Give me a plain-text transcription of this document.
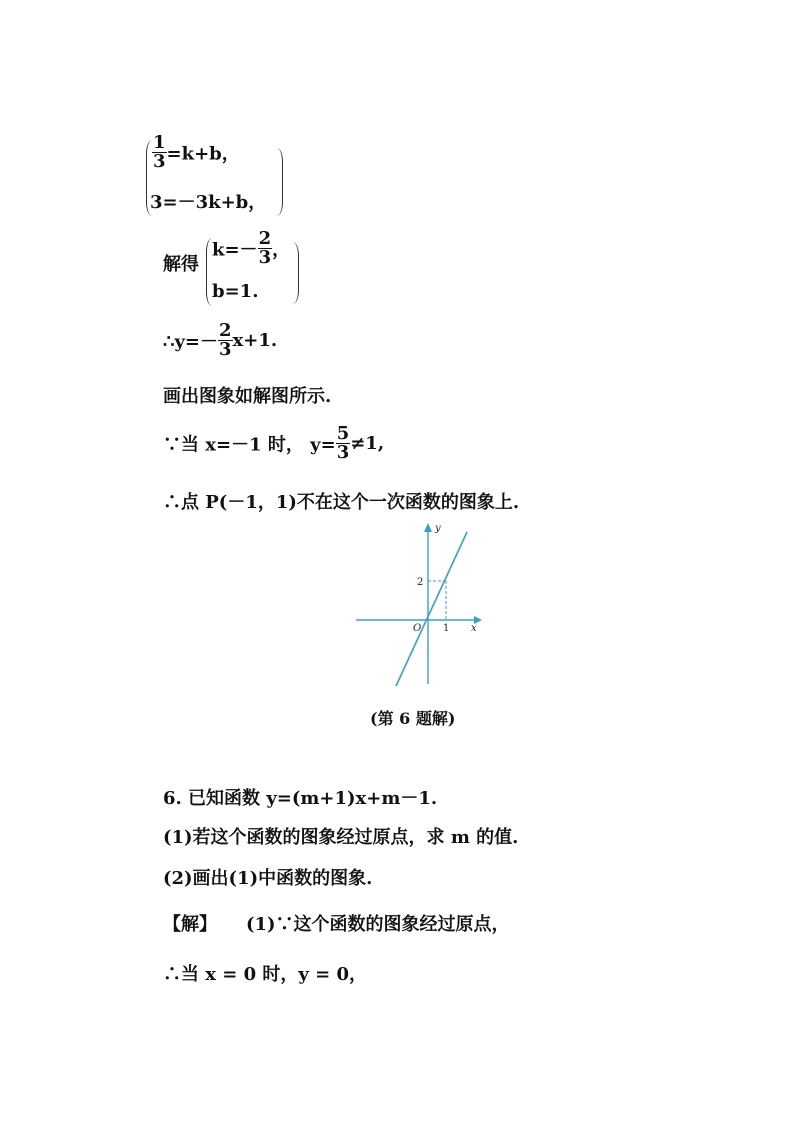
$\frac{1}{3} =k+b$，
3=－3k+b，
解得
$k=- \frac{2}{3}$ ，
b=1.
∴y=－ $\frac{2}{3} x+1$.
画出图象如解图所示.
∵当 x=－1 时， $y= \frac{5}{3} \ne 1$,
∴点 P(－1，1)不在这个一次函数的图象上.
y
x
O
2
1
(第 6 题解)
6. 已知函数 y=(m+1)x+m－1.
(1)若这个函数的图象经过原点，求 m 的值.
(2)画出(1)中函数的图象.
【解】 (1)∵这个函数的图象经过原点，
∴当 x = 0 时，y = 0，
